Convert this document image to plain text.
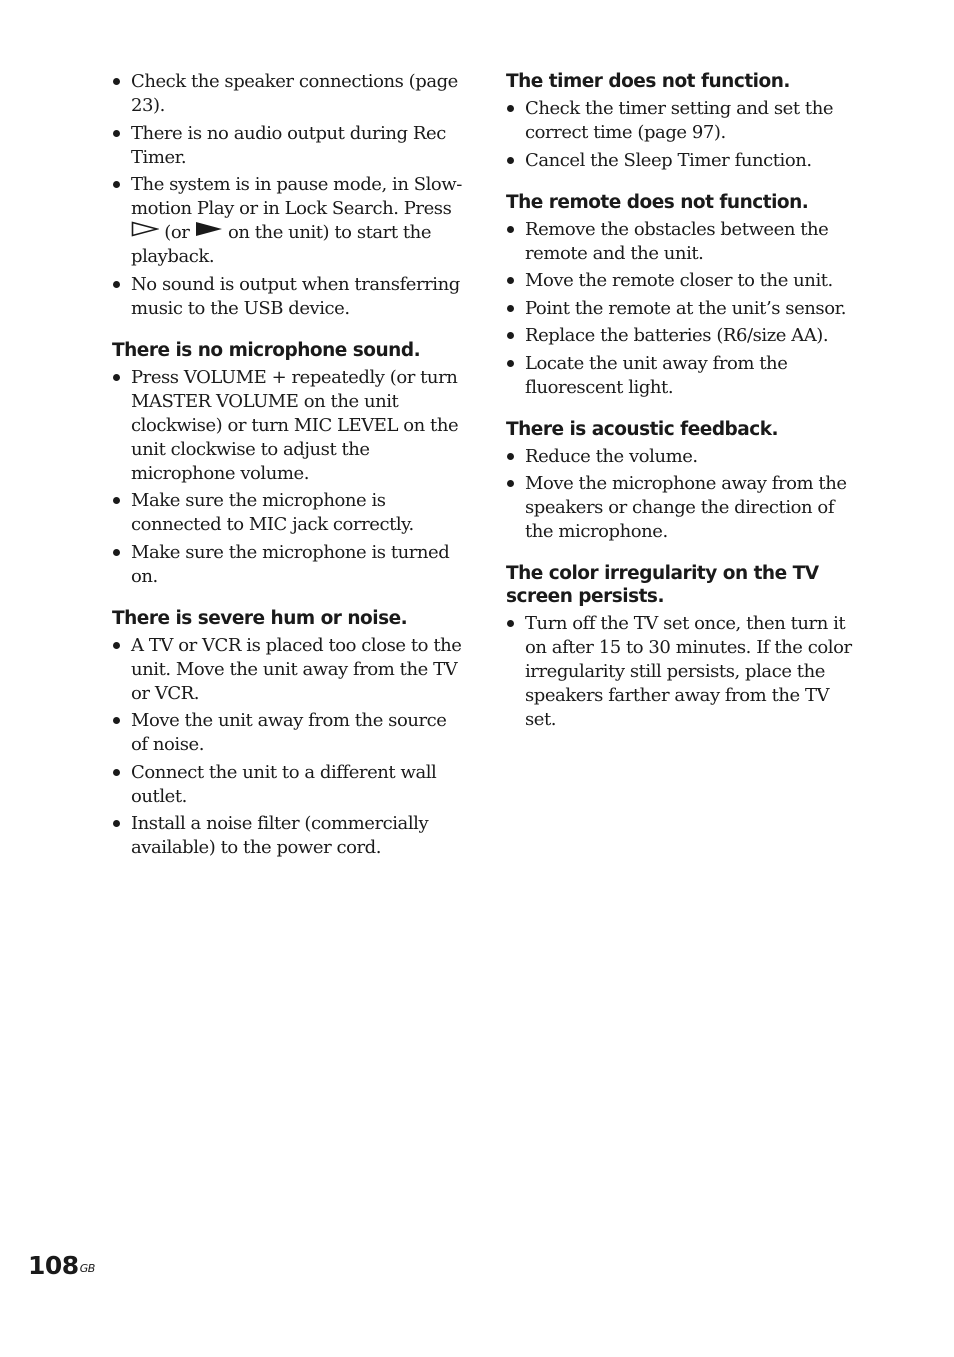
Check the speaker connections (page 23).
There is no audio output during Rec Timer.
The system is in pause mode, in Slow-motion Play or in Lock Search. Press  (or on the unit) to start the playback.
No sound is output when transferring music to the USB device.
There is no microphone sound.
Press VOLUME + repeatedly (or turn MASTER VOLUME on the unit clockwise) or turn MIC LEVEL on the unit clockwise to adjust the microphone volume.
Make sure the microphone is connected to MIC jack correctly.
Make sure the microphone is turned on.
There is severe hum or noise.
A TV or VCR is placed too close to the unit. Move the unit away from the TV or VCR.
Move the unit away from the source of noise.
Connect the unit to a different wall outlet.
Install a noise filter (commercially available) to the power cord.
The timer does not function.
Check the timer setting and set the correct time (page 97).
Cancel the Sleep Timer function.
The remote does not function.
Remove the obstacles between the remote and the unit.
Move the remote closer to the unit.
Point the remote at the unit’s sensor.
Replace the batteries (R6/size AA).
Locate the unit away from the fluorescent light.
There is acoustic feedback.
Reduce the volume.
Move the microphone away from the speakers or change the direction of the microphone.
The color irregularity on the TV screen persists.
Turn off the TV set once, then turn it on after 15 to 30 minutes. If the color irregularity still persists, place the speakers farther away from the TV set.
$108^{GB}$
